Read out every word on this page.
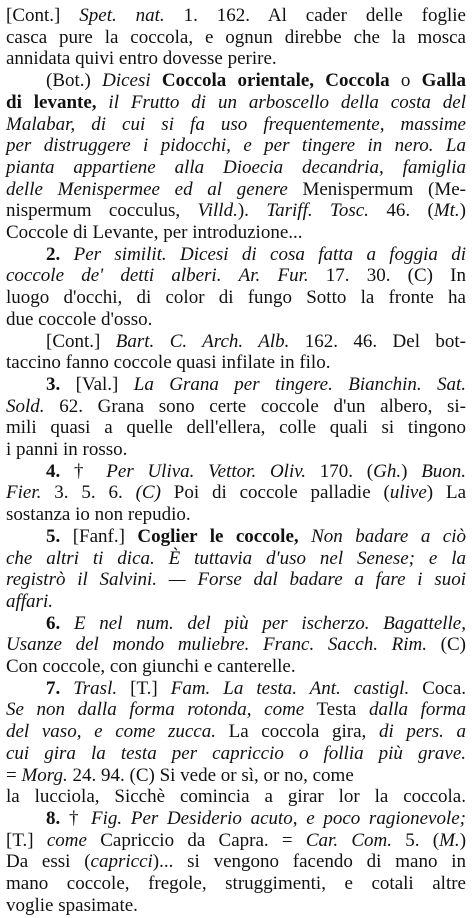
[Cont.] Spet. nat. 1. 162. Al cader delle foglie
casca pure la coccola, e ognun direbbe che la mosca
annidata quivi entro dovesse perire.
(Bot.) Dicesi Coccola orientale, Coccola o Galla
di levante, il Frutto di un arboscello della costa del
Malabar, di cui si fa uso frequentemente, massime
per distruggere i pidocchi, e per tingere in nero. La
pianta appartiene alla Dioecia decandria, famiglia
delle Menispermee ed al genere Menispermum (Me-
nispermum cocculus, Villd.). Tariff. Tosc. 46. (Mt.)
Coccole di Levante, per introduzione...
2. Per similit. Dicesi di cosa fatta a foggia di
coccole de' detti alberi. Ar. Fur. 17. 30. (C) In
luogo d'occhi, di color di fungo Sotto la fronte ha
due coccole d'osso.
[Cont.] Bart. C. Arch. Alb. 162. 46. Del bot-
taccino fanno coccole quasi infilate in filo.
3. [Val.] La Grana per tingere. Bianchin. Sat.
Sold. 62. Grana sono certe coccole d'un albero, si-
mili quasi a quelle dell'ellera, colle quali si tingono
i panni in rosso.
4. † Per Uliva. Vettor. Oliv. 170. (Gh.) Buon.
Fier. 3. 5. 6. (C) Poi di coccole palladie (ulive) La
sostanza io non repudio.
5. [Fanf.] Coglier le coccole, Non badare a ciò
che altri ti dica. È tuttavia d'uso nel Senese; e la
registrò il Salvini. — Forse dal badare a fare i suoi
affari.
6. E nel num. del più per ischerzo. Bagattelle,
Usanze del mondo muliebre. Franc. Sacch. Rim. (C)
Con coccole, con giunchi e canterelle.
7. Trasl. [T.] Fam. La testa. Ant. castigl. Coca.
Se non dalla forma rotonda, come Testa dalla forma
del vaso, e come zucca. La coccola gira, di pers. a
cui gira la testa per capriccio o follia più grave.
= Morg. 24. 94. (C) Si vede or sì, or no, come
la lucciola, Sicchè comincia a girar lor la coccola.
8. † Fig. Per Desiderio acuto, e poco ragionevole;
[T.] come Capriccio da Capra. = Car. Com. 5. (M.)
Da essi (capricci)... si vengono facendo di mano in
mano coccole, fregole, struggimenti, e cotali altre
voglie spasimate.
